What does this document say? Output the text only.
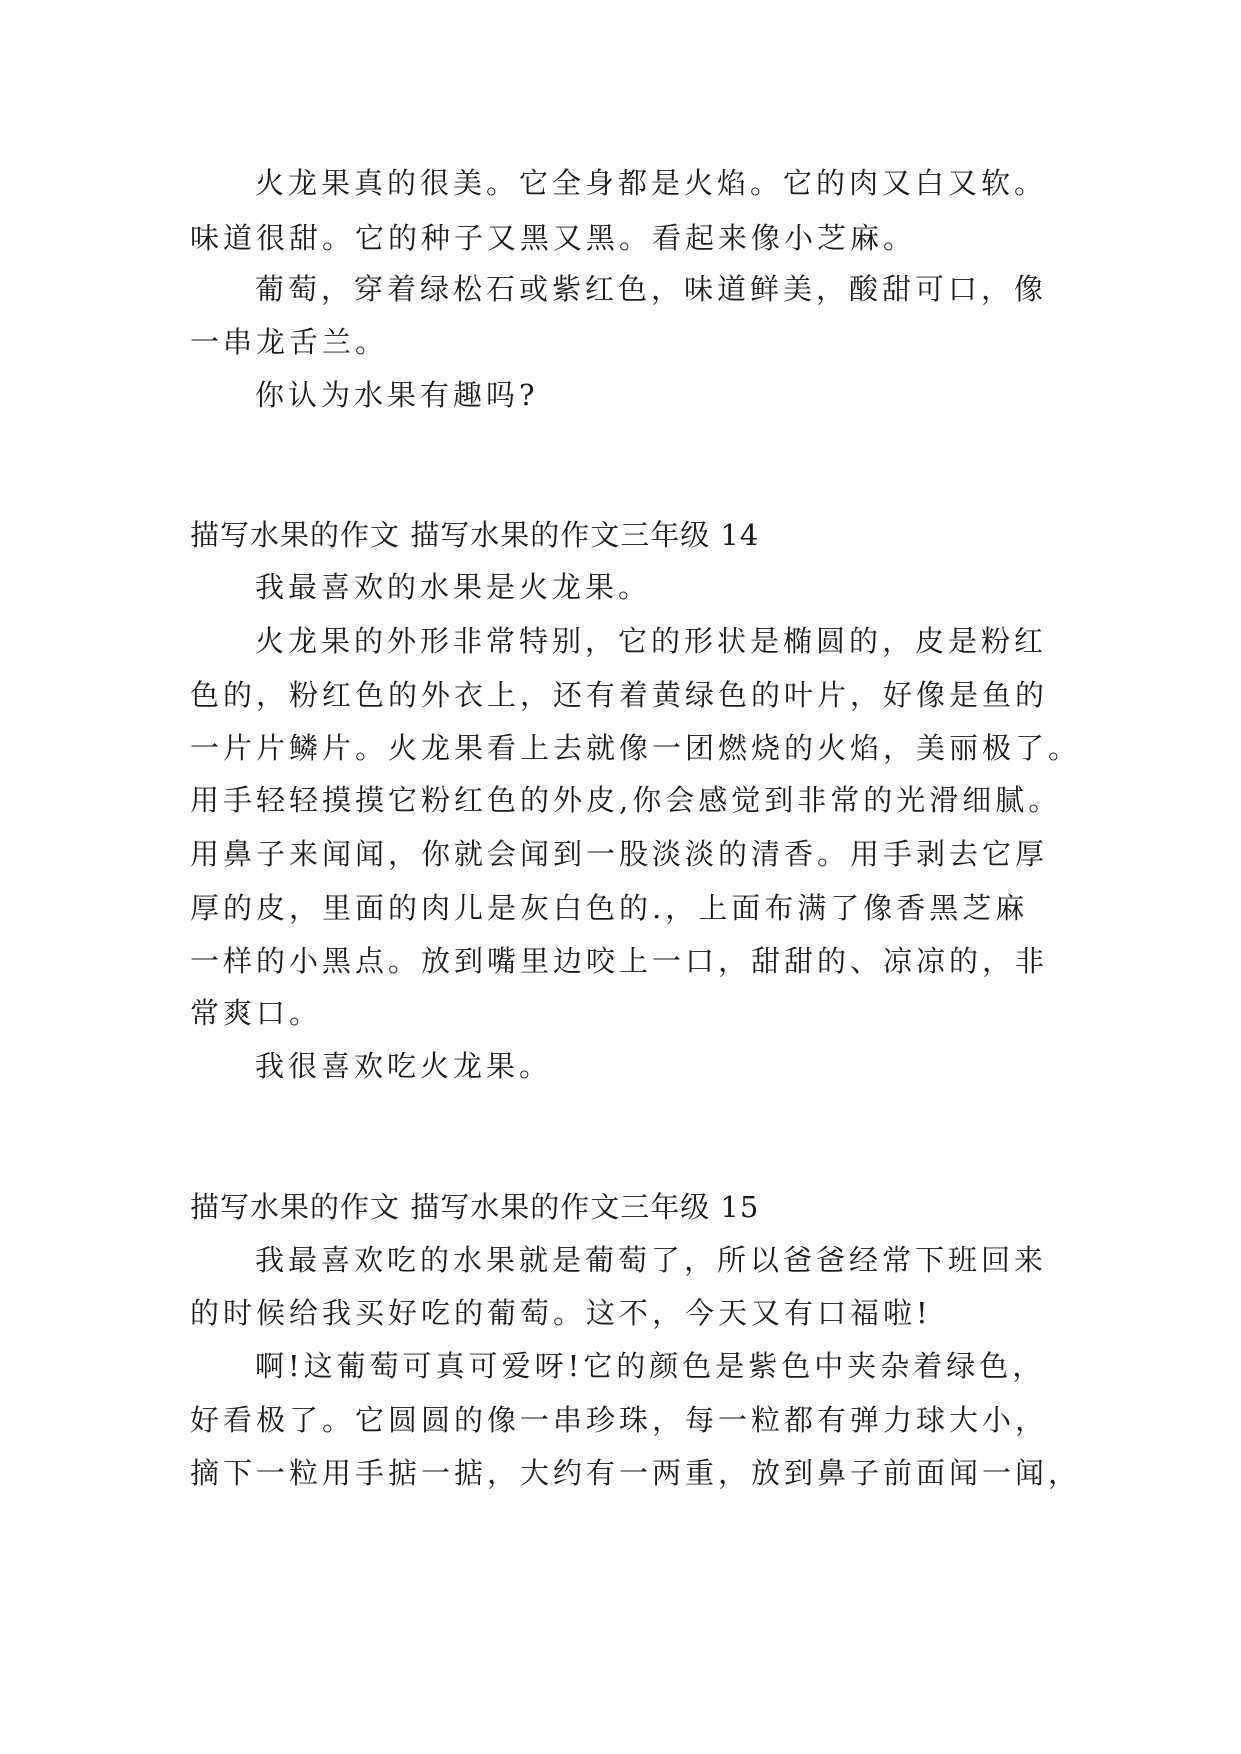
火龙果真的很美。它全身都是火焰。它的肉又白又软。
味道很甜。它的种子又黑又黑。看起来像小芝麻。
葡萄，穿着绿松石或紫红色，味道鲜美，酸甜可口，像
一串龙舌兰。
你认为水果有趣吗?
描写水果的作文 描写水果的作文三年级 14
我最喜欢的水果是火龙果。
火龙果的外形非常特别，它的形状是椭圆的，皮是粉红
色的，粉红色的外衣上，还有着黄绿色的叶片，好像是鱼的
一片片鳞片。火龙果看上去就像一团燃烧的火焰，美丽极了。
用手轻轻摸摸它粉红色的外皮,你会感觉到非常的光滑细腻。
用鼻子来闻闻，你就会闻到一股淡淡的清香。用手剥去它厚
厚的皮，里面的肉儿是灰白色的.，上面布满了像香黑芝麻
一样的小黑点。放到嘴里边咬上一口，甜甜的、凉凉的，非
常爽口。
我很喜欢吃火龙果。
描写水果的作文 描写水果的作文三年级 15
我最喜欢吃的水果就是葡萄了，所以爸爸经常下班回来
的时候给我买好吃的葡萄。这不，今天又有口福啦!
啊!这葡萄可真可爱呀!它的颜色是紫色中夹杂着绿色，
好看极了。它圆圆的像一串珍珠，每一粒都有弹力球大小，
摘下一粒用手掂一掂，大约有一两重，放到鼻子前面闻一闻，
